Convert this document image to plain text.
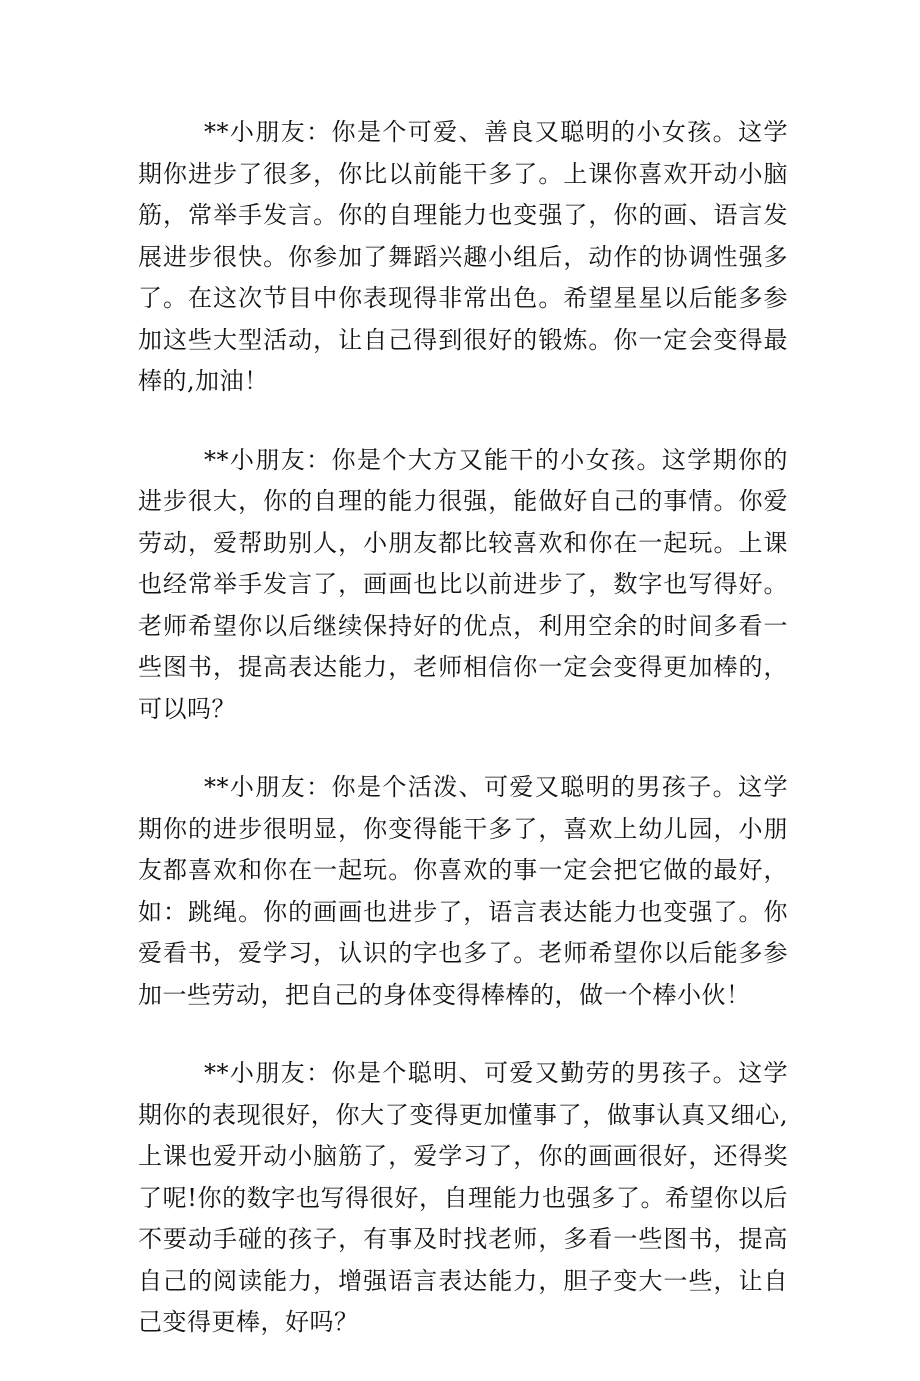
**小朋友：你是个可爱、善良又聪明的小女孩。这学期你进步了很多，你比以前能干多了。上课你喜欢开动小脑筋，常举手发言。你的自理能力也变强了，你的画、语言发展进步很快。你参加了舞蹈兴趣小组后，动作的协调性强多了。在这次节目中你表现得非常出色。希望星星以后能多参加这些大型活动，让自己得到很好的锻炼。你一定会变得最棒的,加油！

**小朋友：你是个大方又能干的小女孩。这学期你的进步很大，你的自理的能力很强，能做好自己的事情。你爱劳动，爱帮助别人，小朋友都比较喜欢和你在一起玩。上课也经常举手发言了，画画也比以前进步了，数字也写得好。老师希望你以后继续保持好的优点，利用空余的时间多看一些图书，提高表达能力，老师相信你一定会变得更加棒的，可以吗？

**小朋友：你是个活泼、可爱又聪明的男孩子。这学期你的进步很明显，你变得能干多了，喜欢上幼儿园，小朋友都喜欢和你在一起玩。你喜欢的事一定会把它做的最好，如：跳绳。你的画画也进步了，语言表达能力也变强了。你爱看书，爱学习，认识的字也多了。老师希望你以后能多参加一些劳动，把自己的身体变得棒棒的，做一个棒小伙！

**小朋友：你是个聪明、可爱又勤劳的男孩子。这学期你的表现很好，你大了变得更加懂事了，做事认真又细心,上课也爱开动小脑筋了，爱学习了，你的画画很好，还得奖了呢!你的数字也写得很好，自理能力也强多了。希望你以后不要动手碰的孩子，有事及时找老师，多看一些图书，提高自己的阅读能力，增强语言表达能力，胆子变大一些，让自己变得更棒，好吗？
